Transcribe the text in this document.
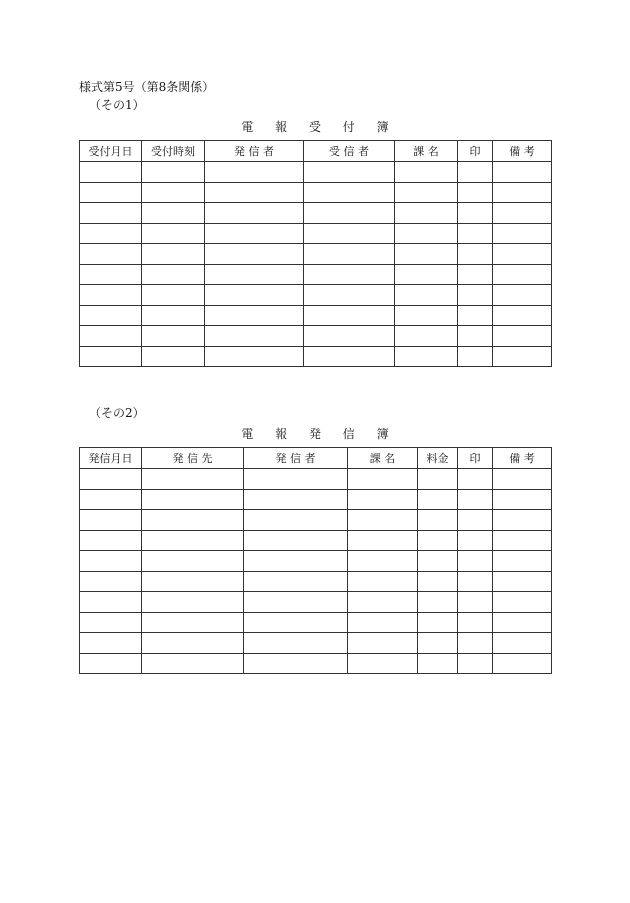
様式第5号（第8条関係）
（その1）
電 報 受 付 簿
受付月日	受付時刻	発 信 者	受 信 者	課 名	印	備 考

（その2）
電 報 発 信 簿
発信月日	発 信 先	発 信 者	課 名	料金	印	備 考
